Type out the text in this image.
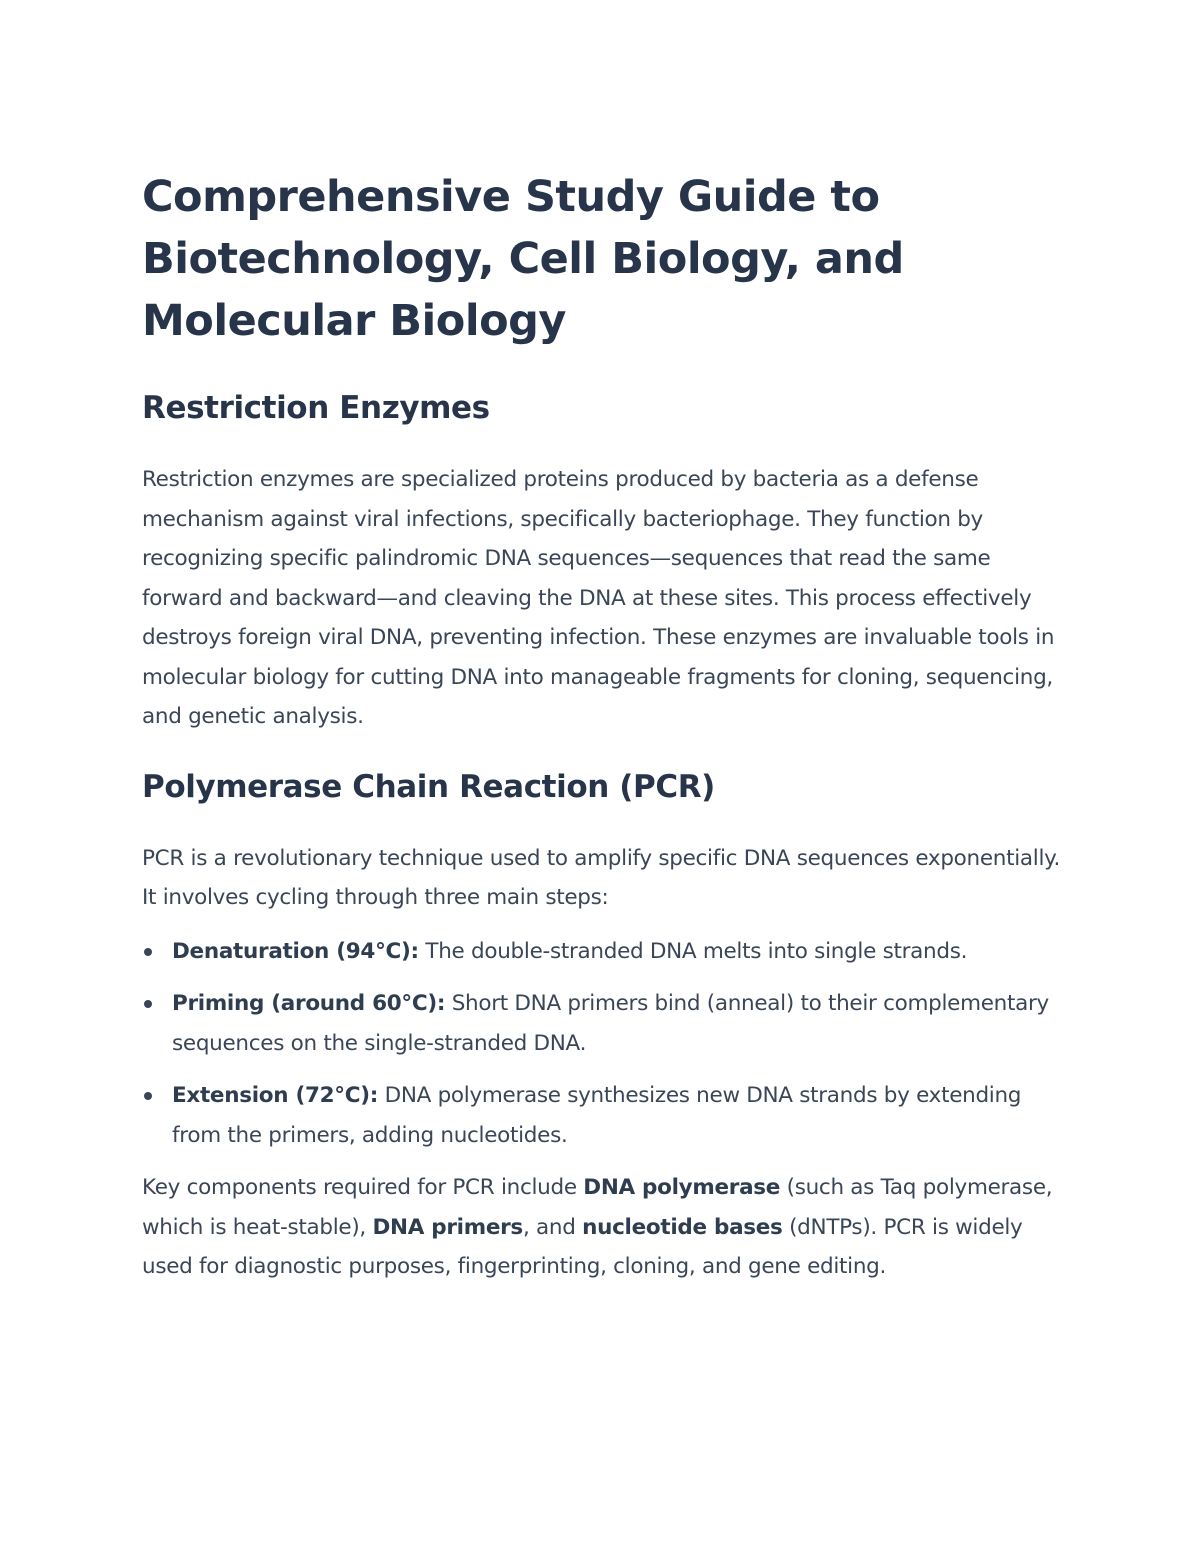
Comprehensive Study Guide to Biotechnology, Cell Biology, and Molecular Biology
Restriction Enzymes

Restriction enzymes are specialized proteins produced by bacteria as a defense mechanism against viral infections, specifically bacteriophage. They function by recognizing specific palindromic DNA sequences—sequences that read the same forward and backward—and cleaving the DNA at these sites. This process effectively destroys foreign viral DNA, preventing infection. These enzymes are invaluable tools in molecular biology for cutting DNA into manageable fragments for cloning, sequencing, and genetic analysis.

Polymerase Chain Reaction (PCR)

PCR is a revolutionary technique used to amplify specific DNA sequences exponentially. It involves cycling through three main steps:

Denaturation (94°C): The double-stranded DNA melts into single strands.
Priming (around 60°C): Short DNA primers bind (anneal) to their complementary sequences on the single-stranded DNA.
Extension (72°C): DNA polymerase synthesizes new DNA strands by extending from the primers, adding nucleotides.

Key components required for PCR include DNA polymerase (such as Taq polymerase, which is heat-stable), DNA primers, and nucleotide bases (dNTPs). PCR is widely used for diagnostic purposes, fingerprinting, cloning, and gene editing.
